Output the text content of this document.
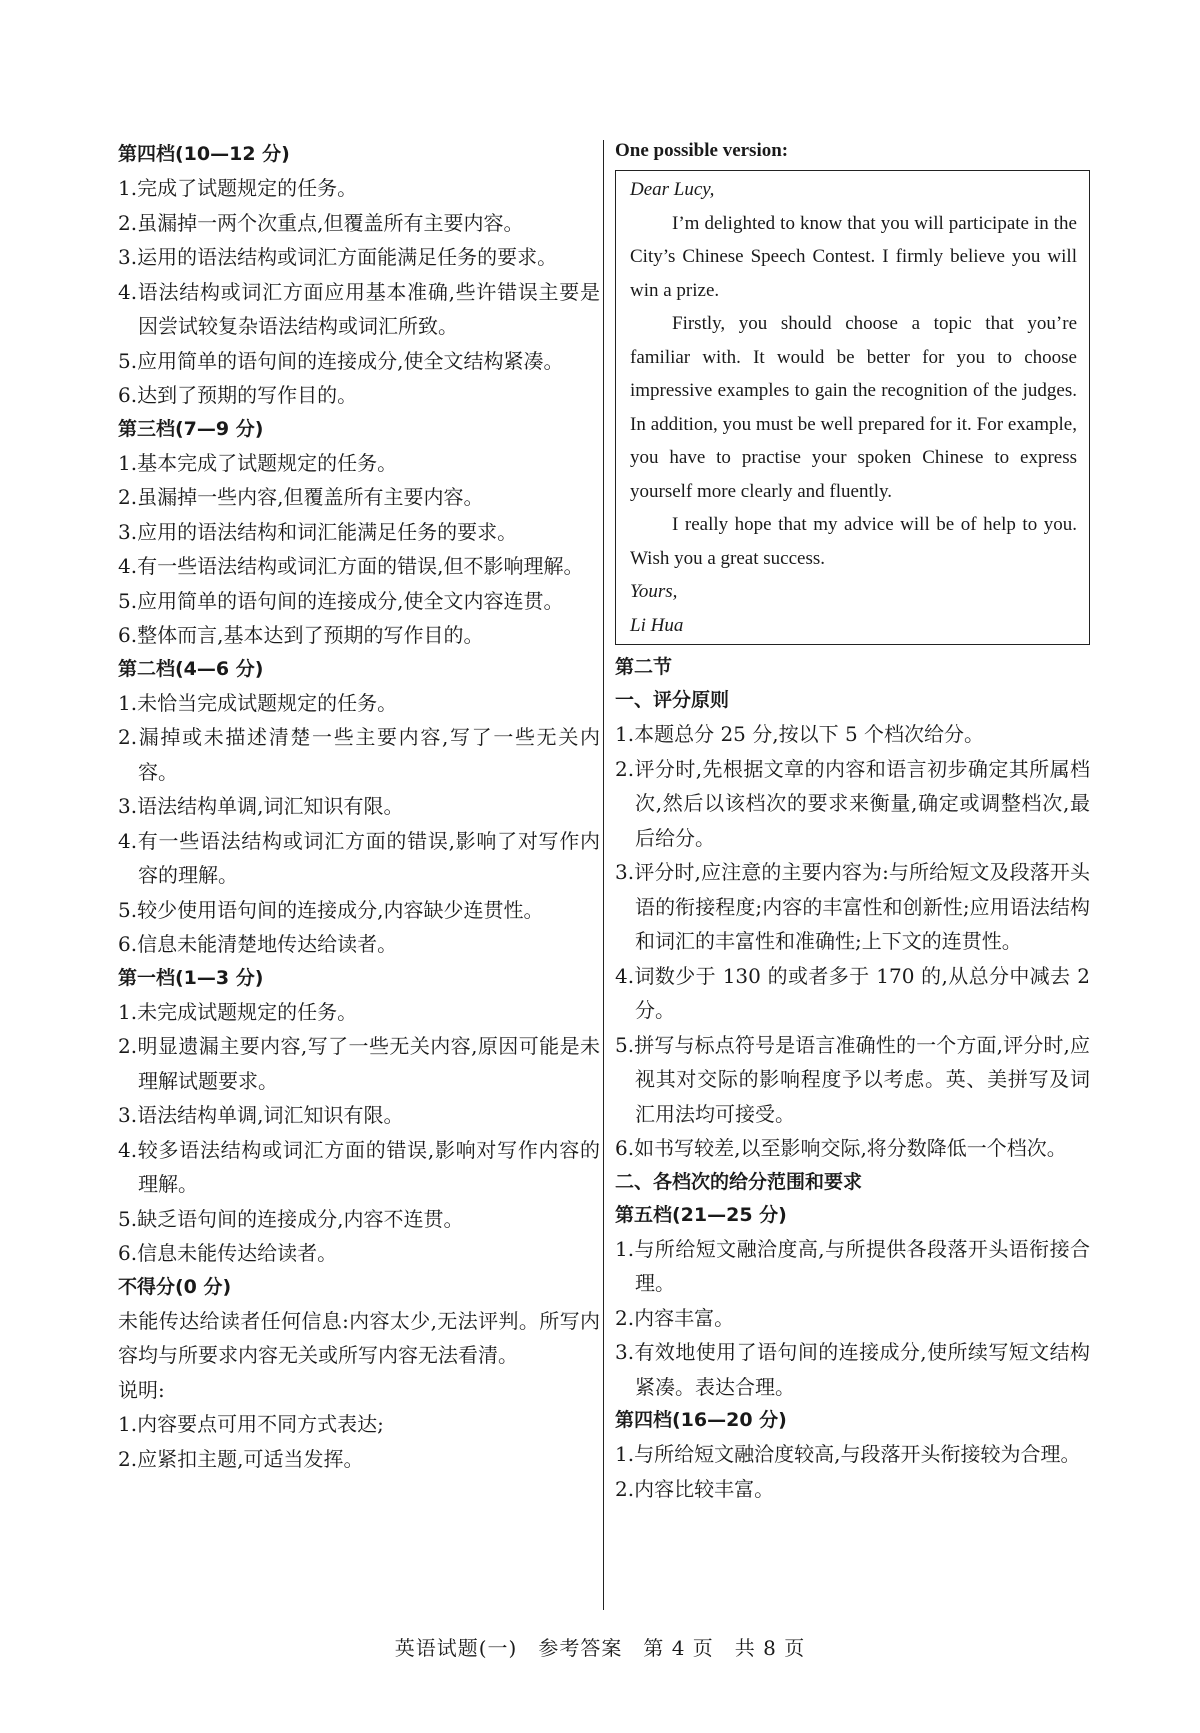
第四档(10—12 分)
1.完成了试题规定的任务。
2.虽漏掉一两个次重点,但覆盖所有主要内容。
3.运用的语法结构或词汇方面能满足任务的要求。
4.语法结构或词汇方面应用基本准确,些许错误主要是因尝试较复杂语法结构或词汇所致。
5.应用简单的语句间的连接成分,使全文结构紧凑。
6.达到了预期的写作目的。
第三档(7—9 分)
1.基本完成了试题规定的任务。
2.虽漏掉一些内容,但覆盖所有主要内容。
3.应用的语法结构和词汇能满足任务的要求。
4.有一些语法结构或词汇方面的错误,但不影响理解。
5.应用简单的语句间的连接成分,使全文内容连贯。
6.整体而言,基本达到了预期的写作目的。
第二档(4—6 分)
1.未恰当完成试题规定的任务。
2.漏掉或未描述清楚一些主要内容,写了一些无关内容。
3.语法结构单调,词汇知识有限。
4.有一些语法结构或词汇方面的错误,影响了对写作内容的理解。
5.较少使用语句间的连接成分,内容缺少连贯性。
6.信息未能清楚地传达给读者。
第一档(1—3 分)
1.未完成试题规定的任务。
2.明显遗漏主要内容,写了一些无关内容,原因可能是未理解试题要求。
3.语法结构单调,词汇知识有限。
4.较多语法结构或词汇方面的错误,影响对写作内容的理解。
5.缺乏语句间的连接成分,内容不连贯。
6.信息未能传达给读者。
不得分(0 分)
未能传达给读者任何信息:内容太少,无法评判。所写内容均与所要求内容无关或所写内容无法看清。
说明:
1.内容要点可用不同方式表达;
2.应紧扣主题,可适当发挥。
One possible version:
Dear Lucy,
I’m delighted to know that you will participate in the City’s Chinese Speech Contest. I firmly believe you will win a prize.
Firstly, you should choose a topic that you’re familiar with. It would be better for you to choose impressive examples to gain the recognition of the judges. In addition, you must be well prepared for it. For example, you have to practise your spoken Chinese to express yourself more clearly and fluently.
I really hope that my advice will be of help to you. Wish you a great success.
Yours,
Li Hua
第二节
一、评分原则
1.本题总分 25 分,按以下 5 个档次给分。
2.评分时,先根据文章的内容和语言初步确定其所属档次,然后以该档次的要求来衡量,确定或调整档次,最后给分。
3.评分时,应注意的主要内容为:与所给短文及段落开头语的衔接程度;内容的丰富性和创新性;应用语法结构和词汇的丰富性和准确性;上下文的连贯性。
4.词数少于 130 的或者多于 170 的,从总分中减去 2 分。
5.拼写与标点符号是语言准确性的一个方面,评分时,应视其对交际的影响程度予以考虑。英、美拼写及词汇用法均可接受。
6.如书写较差,以至影响交际,将分数降低一个档次。
二、各档次的给分范围和要求
第五档(21—25 分)
1.与所给短文融洽度高,与所提供各段落开头语衔接合理。
2.内容丰富。
3.有效地使用了语句间的连接成分,使所续写短文结构紧凑。表达合理。
第四档(16—20 分)
1.与所给短文融洽度较高,与段落开头衔接较为合理。
2.内容比较丰富。
英语试题(一)　参考答案　第 4 页　共 8 页
